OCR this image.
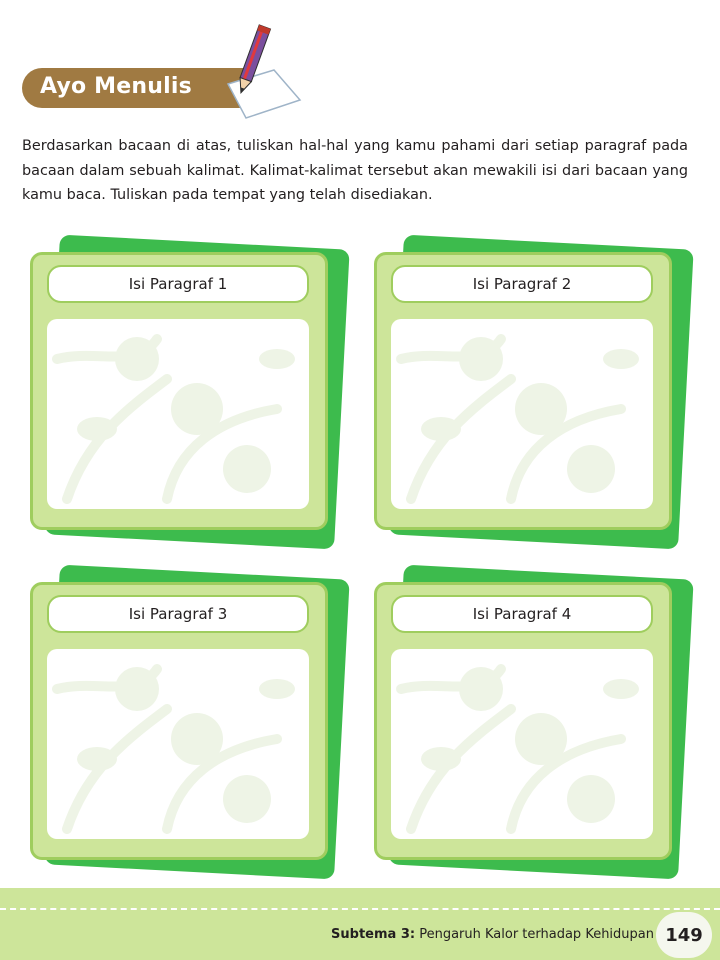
Ayo Menulis

Berdasarkan bacaan di atas, tuliskan hal-hal yang kamu pahami dari setiap paragraf pada bacaan dalam sebuah kalimat. Kalimat-kalimat tersebut akan mewakili isi dari bacaan yang kamu baca. Tuliskan pada tempat yang telah disediakan.

Isi Paragraf 1	Isi Paragraf 2
Isi Paragraf 3	Isi Paragraf 4
Subtema 3: Pengaruh Kalor terhadap Kehidupan 149
